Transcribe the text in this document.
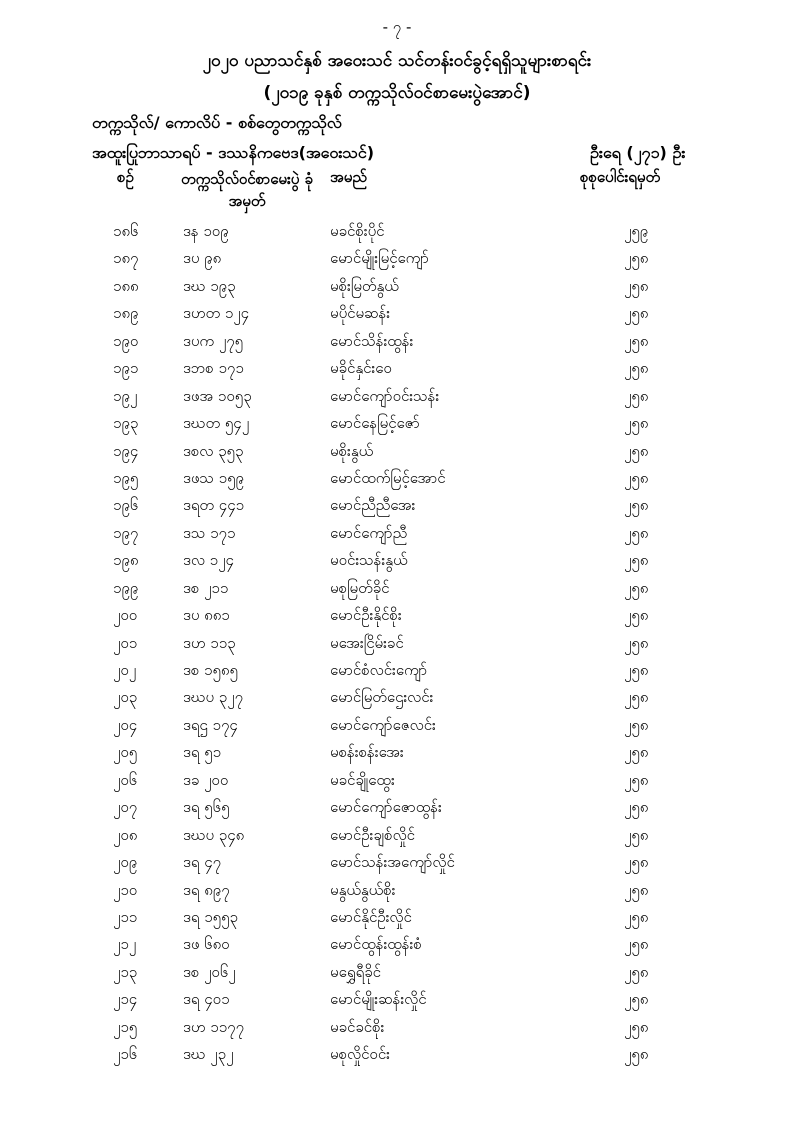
- ၇ -
၂၀၂၀ ပညာသင်နှစ် အဝေးသင် သင်တန်းဝင်ခွင့်ရရှိသူများစာရင်း
(၂၀၁၉ ခုနှစ် တက္ကသိုလ်ဝင်စာမေးပွဲအောင်)
တက္ကသိုလ်/ ကောလိပ် - စစ်တွေတက္ကသိုလ်
အထူးပြုဘာသာရပ် - ဒဿနိကဗေဒ(အဝေးသင်)	ဦးရေ (၂၇၁) ဦး
စဉ်	တက္ကသိုလ်ဝင်စာမေးပွဲ ခုံအမှတ်
အမည်	စုစုပေါင်းရမှတ်
၁၈၆	ဒန ၁၀၉	မခင်စိုးပိုင်	၂၅၉
၁၈၇	ဒပ ၉၈	မောင်မျိုးမြင့်ကျော်	၂၅၈
၁၈၈	ဒဃ ၁၉၃	မစိုးမြတ်နွယ်	၂၅၈
၁၈၉	ဒဟတ ၁၂၄	မပိုင်မဆန်း	၂၅၈
၁၉၀	ဒပက ၂၇၅	မောင်သိန်းထွန်း	၂၅၈
၁၉၁	ဒဘစ ၁၇၁	မခိုင်နှင်းဝေ	၂၅၈
၁၉၂	ဒဖအ ၁၀၅၃	မောင်ကျော်ဝင်းသန်း	၂၅၈
၁၉၃	ဒဃတ ၅၄၂	မောင်နေမြင့်ဇော်	၂၅၈
၁၉၄	ဒစလ ၃၅၃	မစိုးနွယ်	၂၅၈
၁၉၅	ဒဖသ ၁၅၉	မောင်ထက်မြင့်အောင်	၂၅၈
၁၉၆	ဒရတ ၄၄၁	မောင်ညီညီအေး	၂၅၈
၁၉၇	ဒသ ၁၇၁	မောင်ကျော်ညီ	၂၅၈
၁၉၈	ဒလ ၁၂၄	မဝင်းသန်းနွယ်	၂၅၈
၁၉၉	ဒစ ၂၁၁	မစုမြတ်ခိုင်	၂၅၈
၂၀၀	ဒပ ၈၈၁	မောင်ဦးနိုင်စိုး	၂၅၈
၂၀၁	ဒဟ ၁၁၃	မအေးငြိမ်းခင်	၂၅၈
၂၀၂	ဒစ ၁၅၈၅	မောင်စံလင်းကျော်	၂၅၈
၂၀၃	ဒဃပ ၃၂၇	မောင်မြတ်ဌေးလင်း	၂၅၈
၂၀၄	ဒရဌ ၁၇၄	မောင်ကျော်ဇေလင်း	၂၅၈
၂၀၅	ဒရ ၅၁	မစန်းစန်းအေး	၂၅၈
၂၀၆	ဒခ ၂၀၀	မခင်ချိုထွေး	၂၅၈
၂၀၇	ဒရ ၅၆၅	မောင်ကျော်ဇောထွန်း	၂၅၈
၂၀၈	ဒဃပ ၃၄၈	မောင်ဦးချစ်လှိုင်	၂၅၈
၂၀၉	ဒရ ၄၇	မောင်သန်းအကျော်လှိုင်	၂၅၈
၂၁၀	ဒရ ၈၉၇	မနွယ်နွယ်စိုး	၂၅၈
၂၁၁	ဒရ ၁၅၅၃	မောင်နိုင်ဦးလှိုင်	၂၅၈
၂၁၂	ဒဖ ၆၈၀	မောင်ထွန်းထွန်းစံ	၂၅၈
၂၁၃	ဒစ ၂၀၆၂	မရွှေရီခိုင်	၂၅၈
၂၁၄	ဒရ ၄၀၁	မောင်မျိုးဆန်းလှိုင်	၂၅၈
၂၁၅	ဒဟ ၁၁၇၇	မခင်ခင်စိုး	၂၅၈
၂၁၆	ဒဃ ၂၃၂	မစုလှိုင်ဝင်း	၂၅၈
